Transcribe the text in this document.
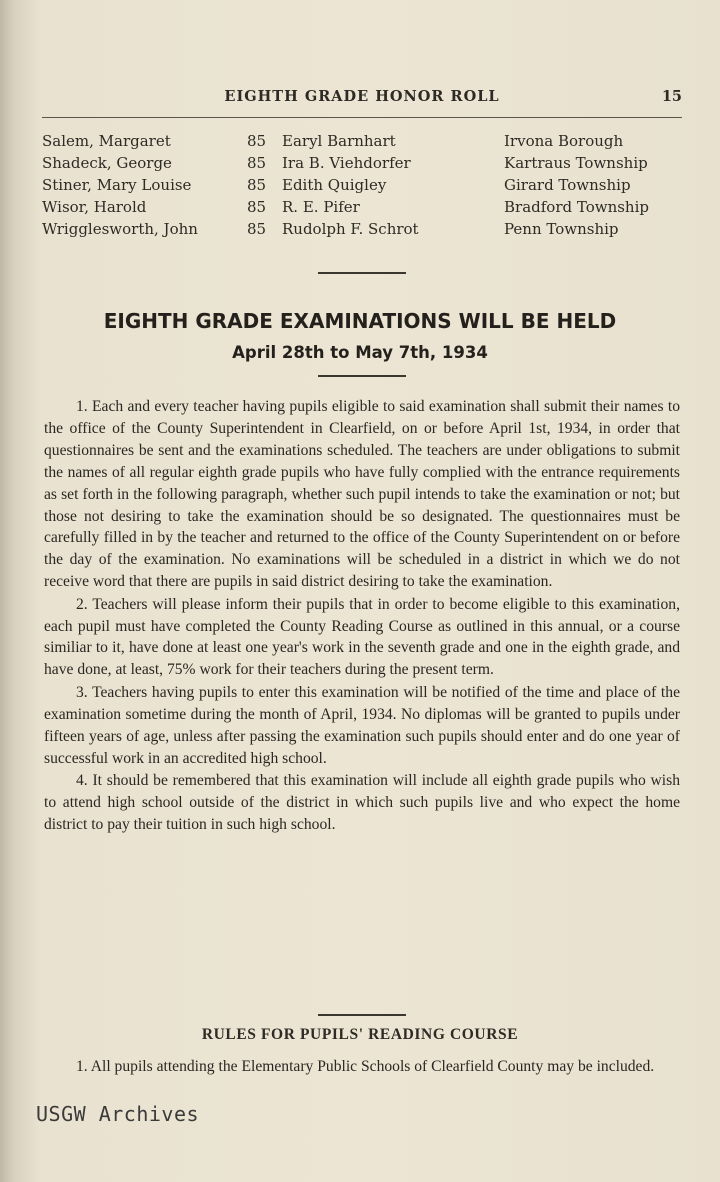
EIGHTH GRADE HONOR ROLL	15
Salem, Margaret	85 Earyl Barnhart	Irvona Borough
Shadeck, George	85 Ira B. Viehdorfer	Kartraus Township
Stiner, Mary Louise	85 Edith Quigley	Girard Township
Wisor, Harold	85 R. E. Pifer	Bradford Township
Wrigglesworth, John	85 Rudolph F. Schrot	Penn Township
EIGHTH GRADE EXAMINATIONS WILL BE HELD
April 28th to May 7th, 1934

1. Each and every teacher having pupils eligible to said examination shall submit their names to the office of the County Superintendent in Clearfield, on or before April 1st, 1934, in order that questionnaires be sent and the examinations scheduled. The teachers are under obligations to submit the names of all regular eighth grade pupils who have fully complied with the entrance requirements as set forth in the following paragraph, whether such pupil intends to take the examination or not; but those not desiring to take the examination should be so designated. The questionnaires must be carefully filled in by the teacher and returned to the office of the County Superintendent on or before the day of the examination. No examinations will be scheduled in a district in which we do not receive word that there are pupils in said district desiring to take the examination.

2. Teachers will please inform their pupils that in order to become eligible to this examination, each pupil must have completed the County Reading Course as outlined in this annual, or a course similiar to it, have done at least one year's work in the seventh grade and one in the eighth grade, and have done, at least, 75% work for their teachers during the present term.

3. Teachers having pupils to enter this examination will be notified of the time and place of the examination sometime during the month of April, 1934. No diplomas will be granted to pupils under fifteen years of age, unless after passing the examination such pupils should enter and do one year of successful work in an accredited high school.

4. It should be remembered that this examination will include all eighth grade pupils who wish to attend high school outside of the district in which such pupils live and who expect the home district to pay their tuition in such high school.

RULES FOR PUPILS' READING COURSE

1. All pupils attending the Elementary Public Schools of Clearfield County may be included.

USGW Archives
